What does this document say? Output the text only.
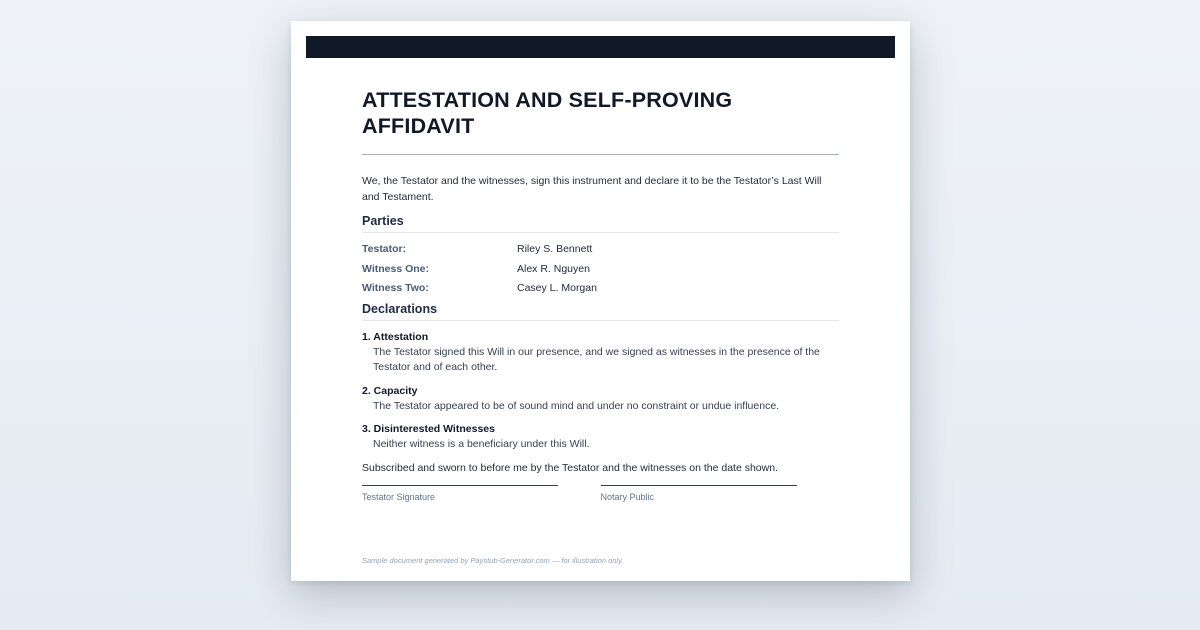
ATTESTATION AND SELF-PROVING AFFIDAVIT

We, the Testator and the witnesses, sign this instrument and declare it to be the Testator’s Last Will and Testament.

Parties
Testator:	Riley S. Bennett
Witness One:	Alex R. Nguyen
Witness Two:	Casey L. Morgan
Declarations
1. Attestation
The Testator signed this Will in our presence, and we signed as witnesses in the presence of the Testator and of each other.
2. Capacity
The Testator appeared to be of sound mind and under no constraint or undue influence.
3. Disinterested Witnesses
Neither witness is a beneficiary under this Will.

Subscribed and sworn to before me by the Testator and the witnesses on the date shown.

Testator Signature	Notary Public
Sample document generated by Paystub-Generator.com — for illustration only.
